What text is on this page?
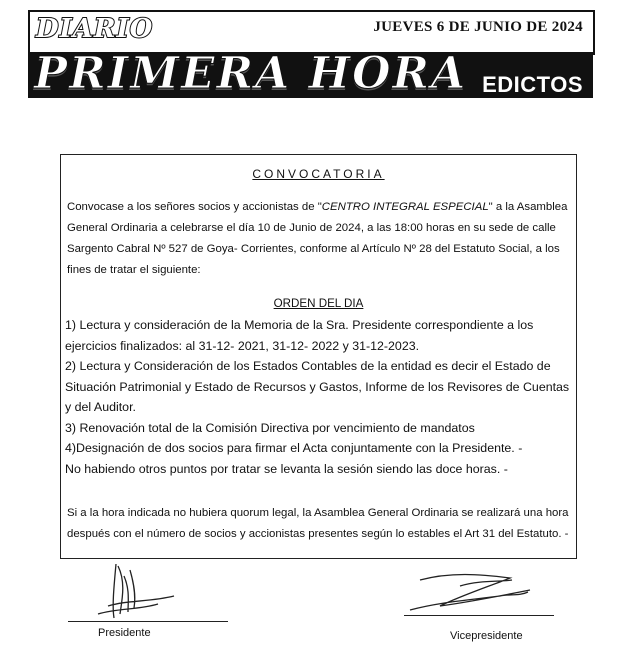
DIARIO	JUEVES 6 DE JUNIO DE 2024
PRIMERA HORA EDICTOS
CONVOCATORIA
Convocase a los señores socios y accionistas de "CENTRO INTEGRAL ESPECIAL" a la Asamblea General Ordinaria a celebrarse el día 10 de Junio de 2024, a las 18:00 horas en su sede de calle Sargento Cabral Nº 527 de Goya- Corrientes, conforme al Artículo Nº 28 del Estatuto Social, a los fines de tratar el siguiente:
ORDEN DEL DIA

1) Lectura y consideración de la Memoria de la Sra. Presidente correspondiente a los ejercicios finalizados: al 31-12- 2021, 31-12- 2022 y 31-12-2023.

2) Lectura y Consideración de los Estados Contables de la entidad es decir el Estado de Situación Patrimonial y Estado de Recursos y Gastos, Informe de los Revisores de Cuentas y del Auditor.

3) Renovación total de la Comisión Directiva por vencimiento de mandatos

4)Designación de dos socios para firmar el Acta conjuntamente con la Presidente. -

No habiendo otros puntos por tratar se levanta la sesión siendo las doce horas. -

Si a la hora indicada no hubiera quorum legal, la Asamblea General Ordinaria se realizará una hora después con el número de socios y accionistas presentes según lo estables el Art 31 del Estatuto. -
Presidente	Vicepresidente
